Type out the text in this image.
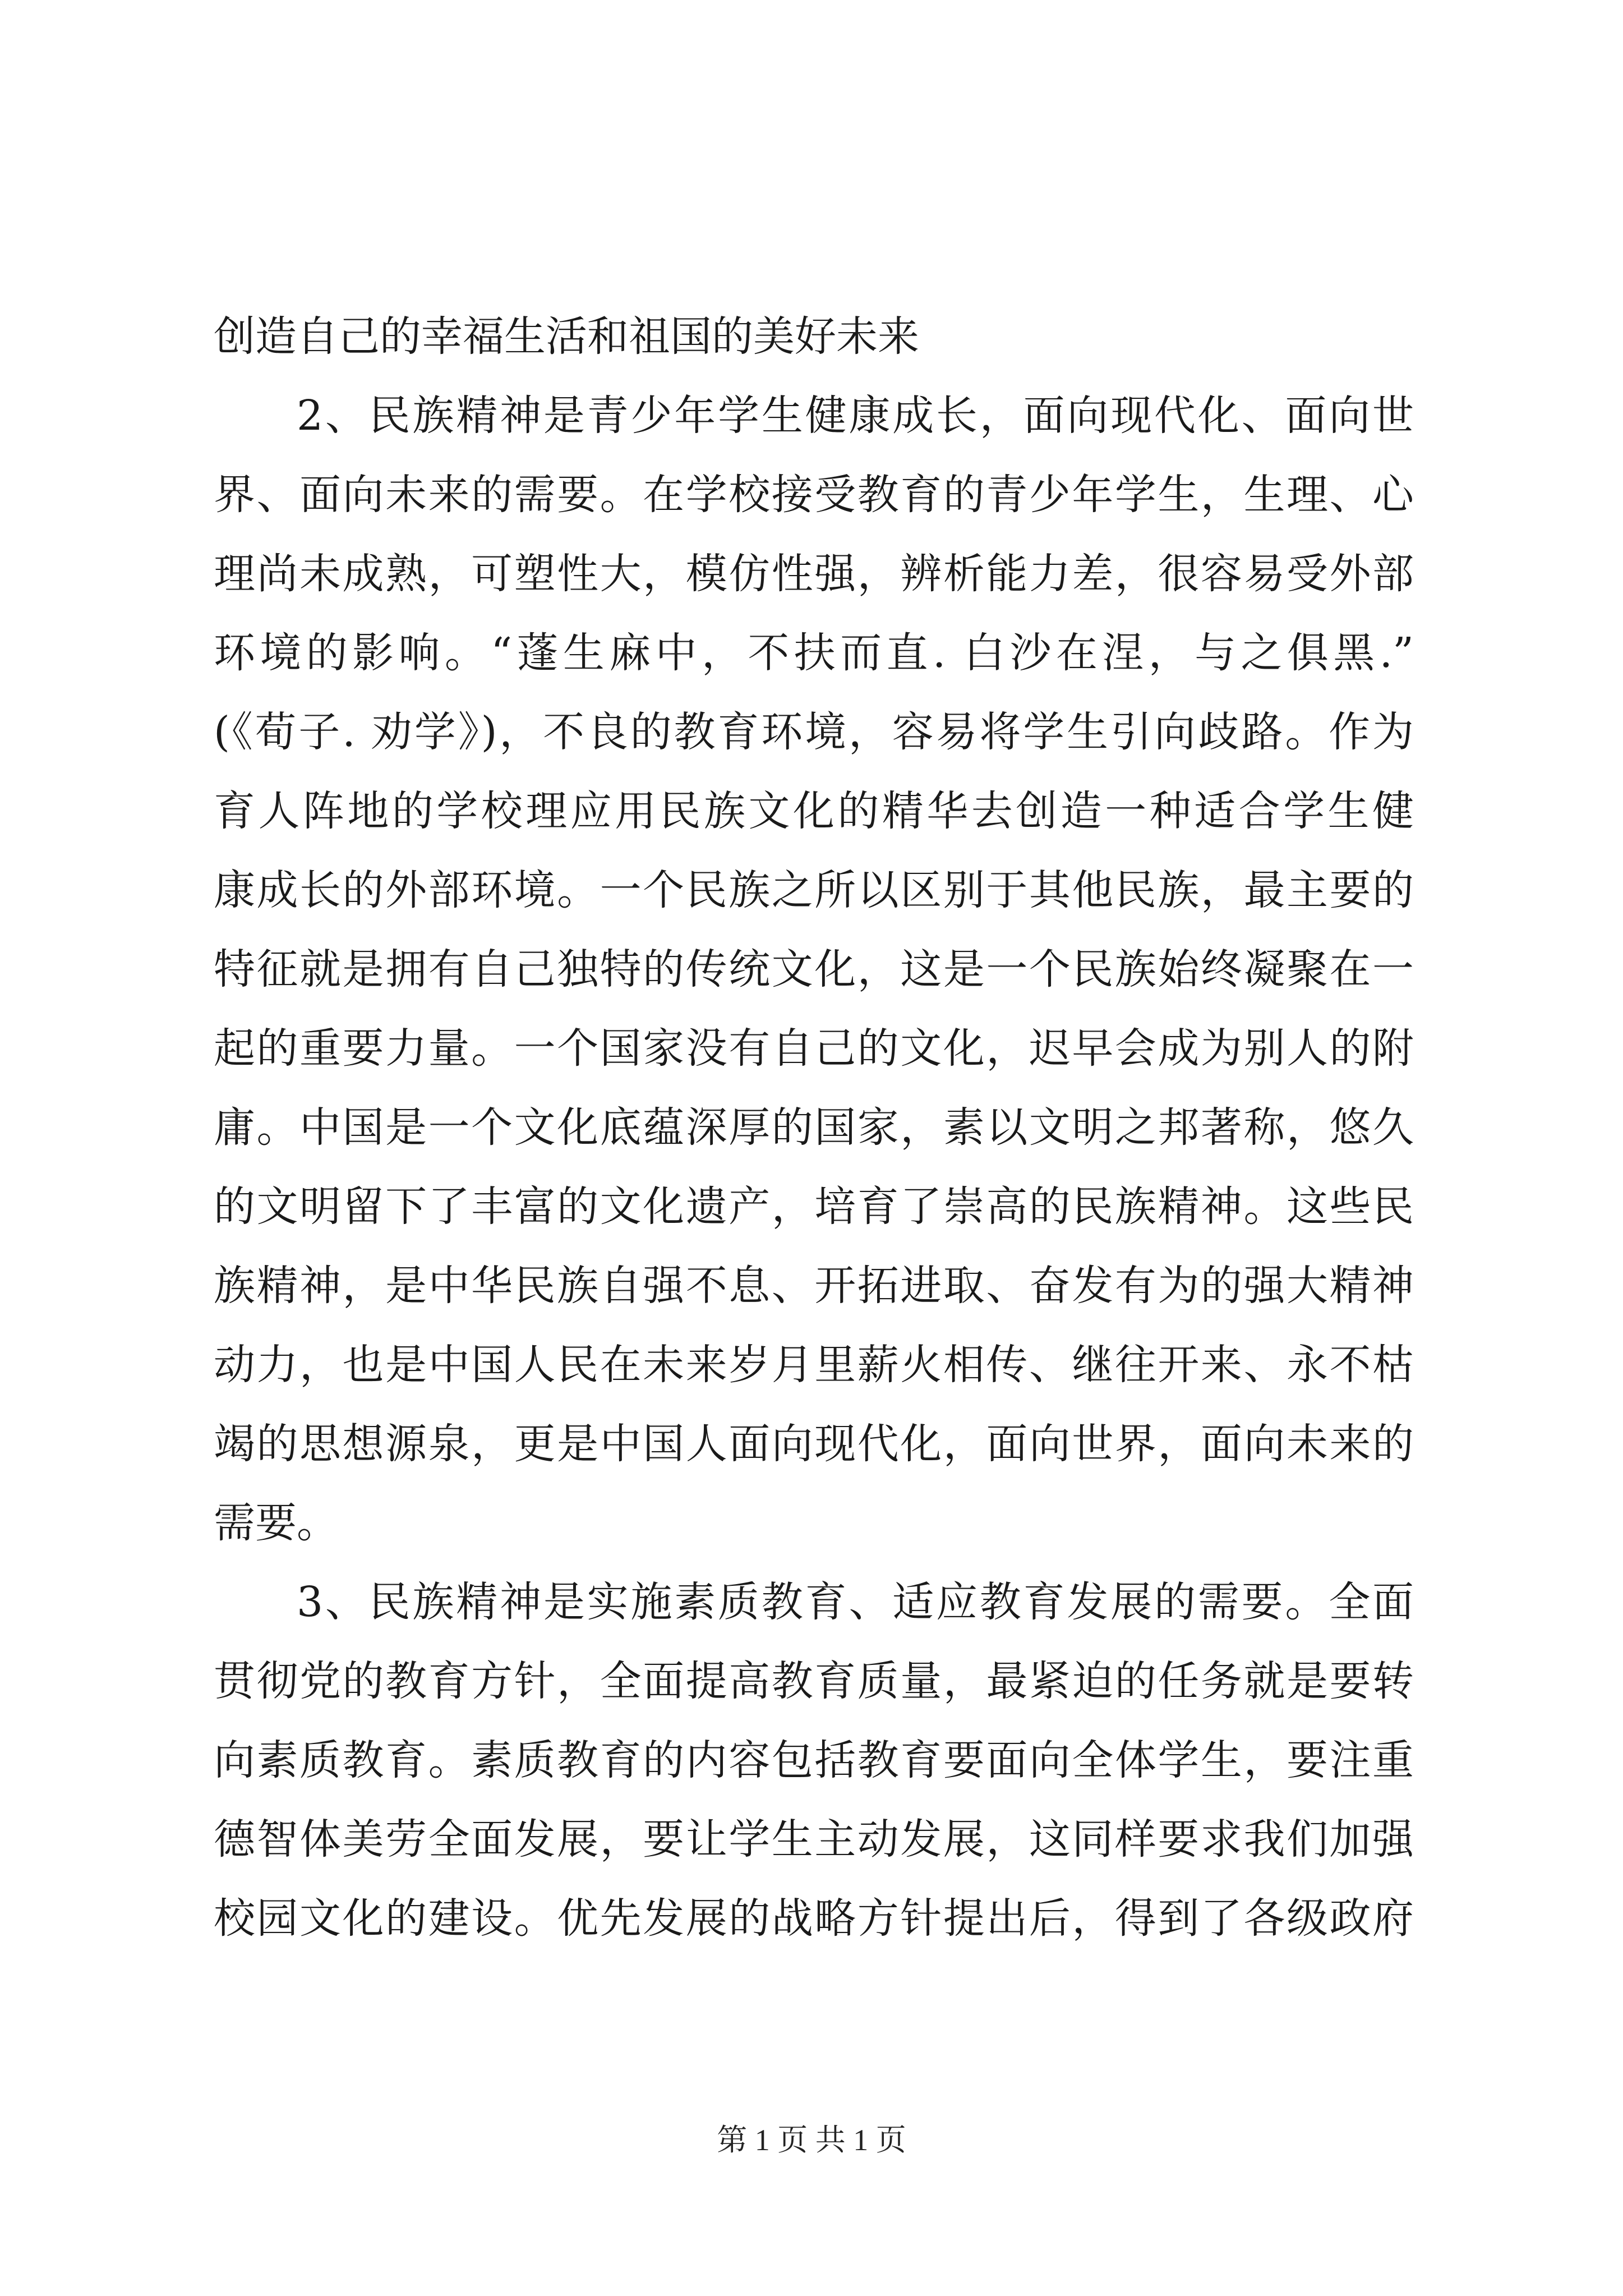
创造自己的幸福生活和祖国的美好未来
2、民族精神是青少年学生健康成长，面向现代化、面向世
界、面向未来的需要。在学校接受教育的青少年学生，生理、心
理尚未成熟，可塑性大，模仿性强，辨析能力差，很容易受外部
环境的影响。“蓬生麻中，不扶而直. 白沙在涅，与之俱黑.”
(《荀子. 劝学》)，不良的教育环境，容易将学生引向歧路。作为
育人阵地的学校理应用民族文化的精华去创造一种适合学生健
康成长的外部环境。一个民族之所以区别于其他民族，最主要的
特征就是拥有自己独特的传统文化，这是一个民族始终凝聚在一
起的重要力量。一个国家没有自己的文化，迟早会成为别人的附
庸。中国是一个文化底蕴深厚的国家，素以文明之邦著称，悠久
的文明留下了丰富的文化遗产，培育了崇高的民族精神。这些民
族精神，是中华民族自强不息、开拓进取、奋发有为的强大精神
动力，也是中国人民在未来岁月里薪火相传、继往开来、永不枯
竭的思想源泉，更是中国人面向现代化，面向世界，面向未来的
需要。
3、民族精神是实施素质教育、适应教育发展的需要。全面
贯彻党的教育方针，全面提高教育质量，最紧迫的任务就是要转
向素质教育。素质教育的内容包括教育要面向全体学生，要注重
德智体美劳全面发展，要让学生主动发展，这同样要求我们加强
校园文化的建设。优先发展的战略方针提出后，得到了各级政府
第 1 页 共 1 页
